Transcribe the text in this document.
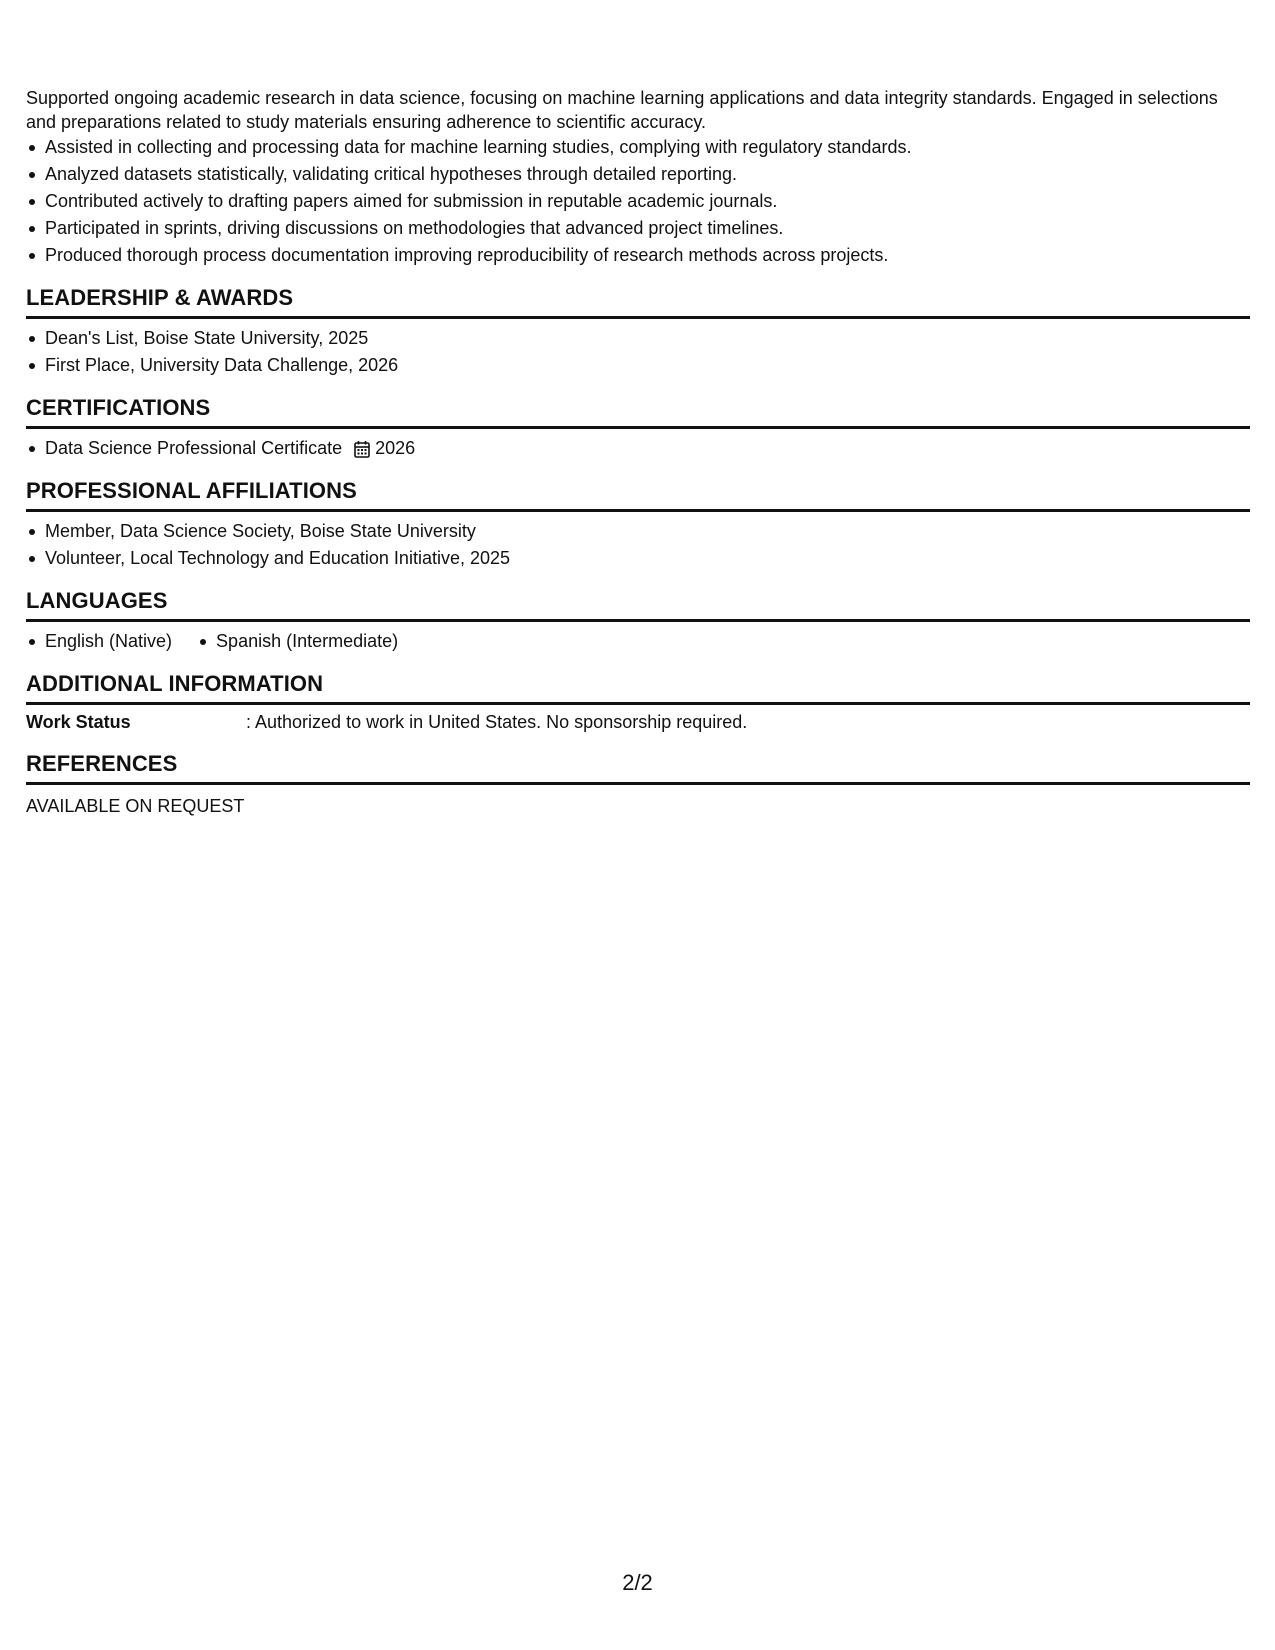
Supported ongoing academic research in data science, focusing on machine learning applications and data integrity standards. Engaged in selections and preparations related to study materials ensuring adherence to scientific accuracy.

Assisted in collecting and processing data for machine learning studies, complying with regulatory standards.
Analyzed datasets statistically, validating critical hypotheses through detailed reporting.
Contributed actively to drafting papers aimed for submission in reputable academic journals.
Participated in sprints, driving discussions on methodologies that advanced project timelines.
Produced thorough process documentation improving reproducibility of research methods across projects.
LEADERSHIP & AWARDS
Dean's List, Boise State University, 2025
First Place, University Data Challenge, 2026
CERTIFICATIONS
Data Science Professional Certificate 2026
PROFESSIONAL AFFILIATIONS
Member, Data Science Society, Boise State University
Volunteer, Local Technology and Education Initiative, 2025
LANGUAGES
English (Native) Spanish (Intermediate)
ADDITIONAL INFORMATION
Work Status	: Authorized to work in United States. No sponsorship required.
REFERENCES

AVAILABLE ON REQUEST

2/2
